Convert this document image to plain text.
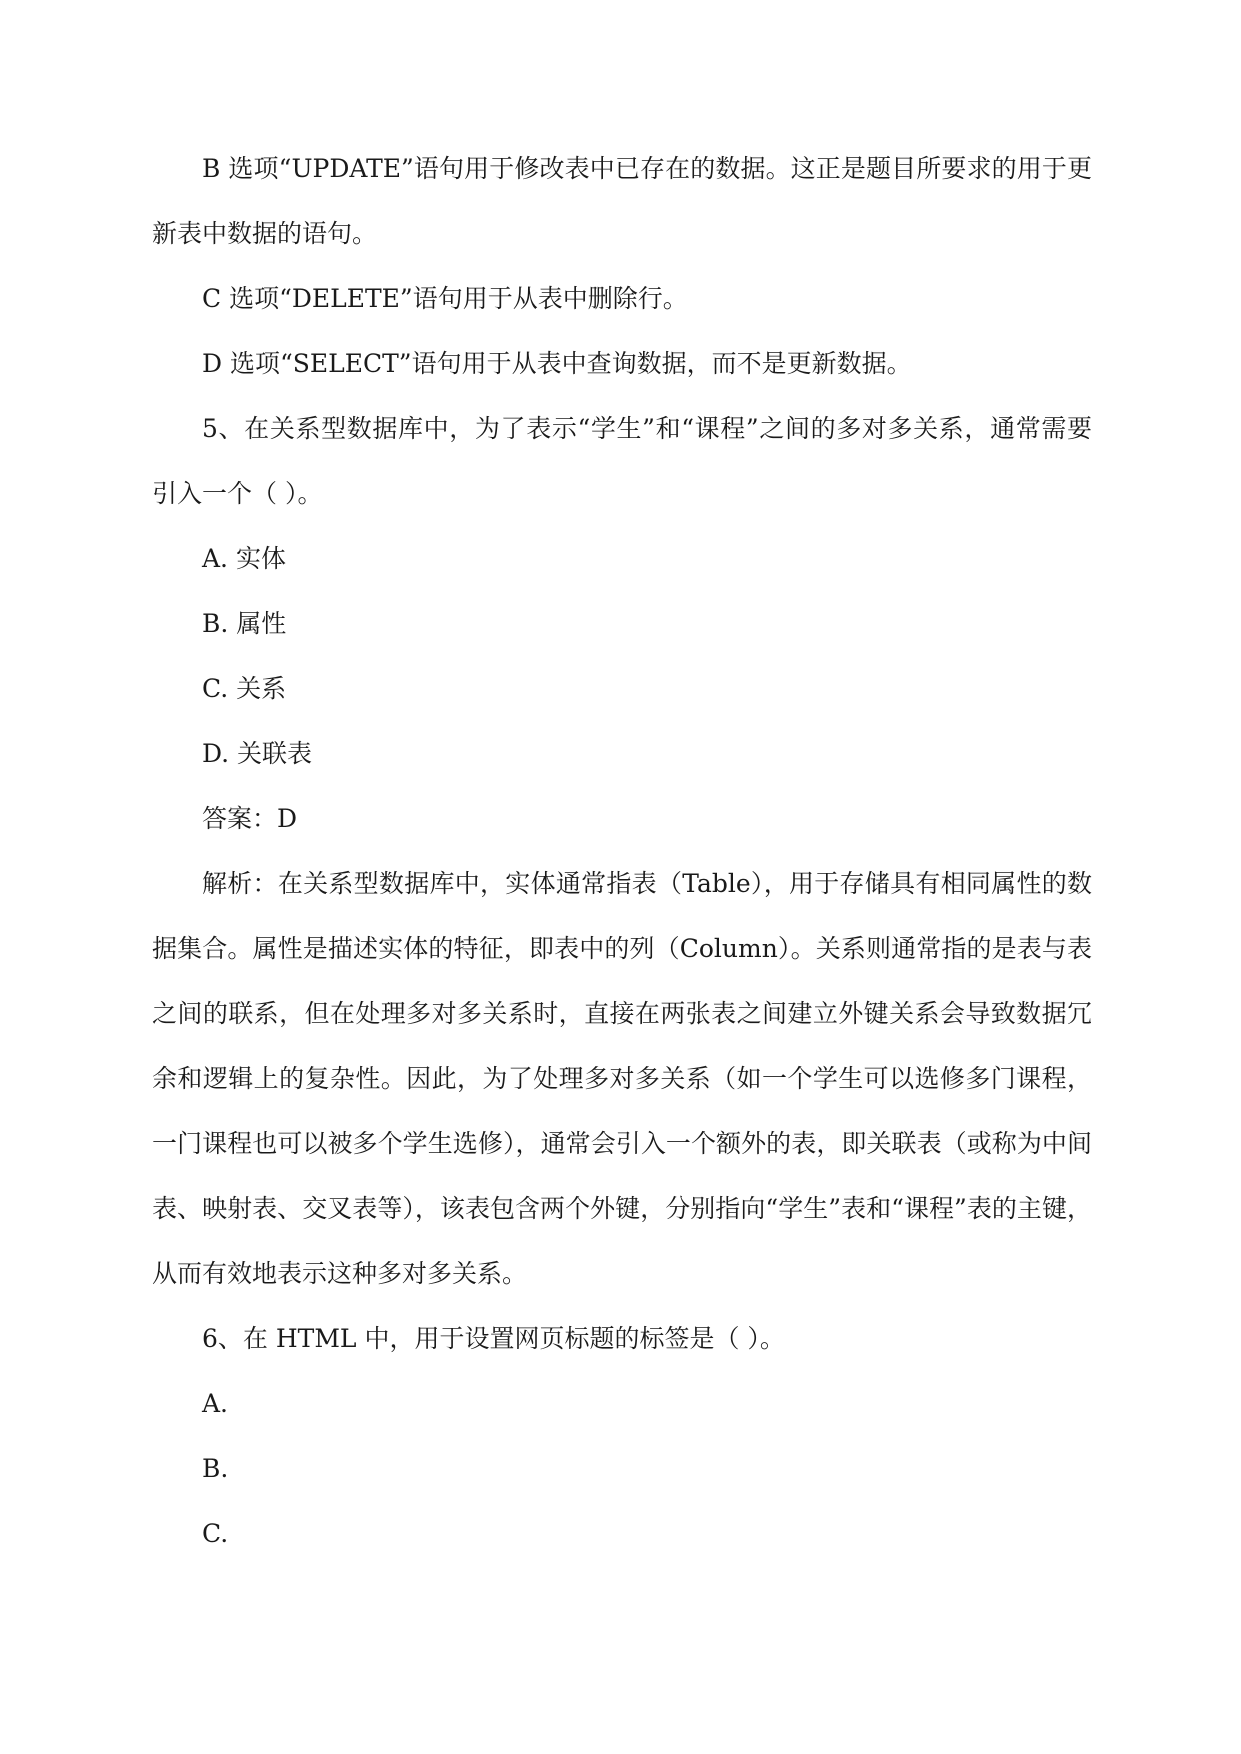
B 选项“UPDATE”语句用于修改表中已存在的数据。这正是题目所要求的用于更新表中数据的语句。

C 选项“DELETE”语句用于从表中删除行。

D 选项“SELECT”语句用于从表中查询数据，而不是更新数据。

5、在关系型数据库中，为了表示“学生”和“课程”之间的多对多关系，通常需要引入一个（ ）。

A. 实体

B. 属性

C. 关系

D. 关联表

答案：D

解析：在关系型数据库中，实体通常指表（Table），用于存储具有相同属性的数据集合。属性是描述实体的特征，即表中的列（Column）。关系则通常指的是表与表之间的联系，但在处理多对多关系时，直接在两张表之间建立外键关系会导致数据冗余和逻辑上的复杂性。因此，为了处理多对多关系（如一个学生可以选修多门课程，一门课程也可以被多个学生选修），通常会引入一个额外的表，即关联表（或称为中间表、映射表、交叉表等），该表包含两个外键，分别指向“学生”表和“课程”表的主键，从而有效地表示这种多对多关系。

6、在 HTML 中，用于设置网页标题的标签是（ ）。

A.

B.

C.
